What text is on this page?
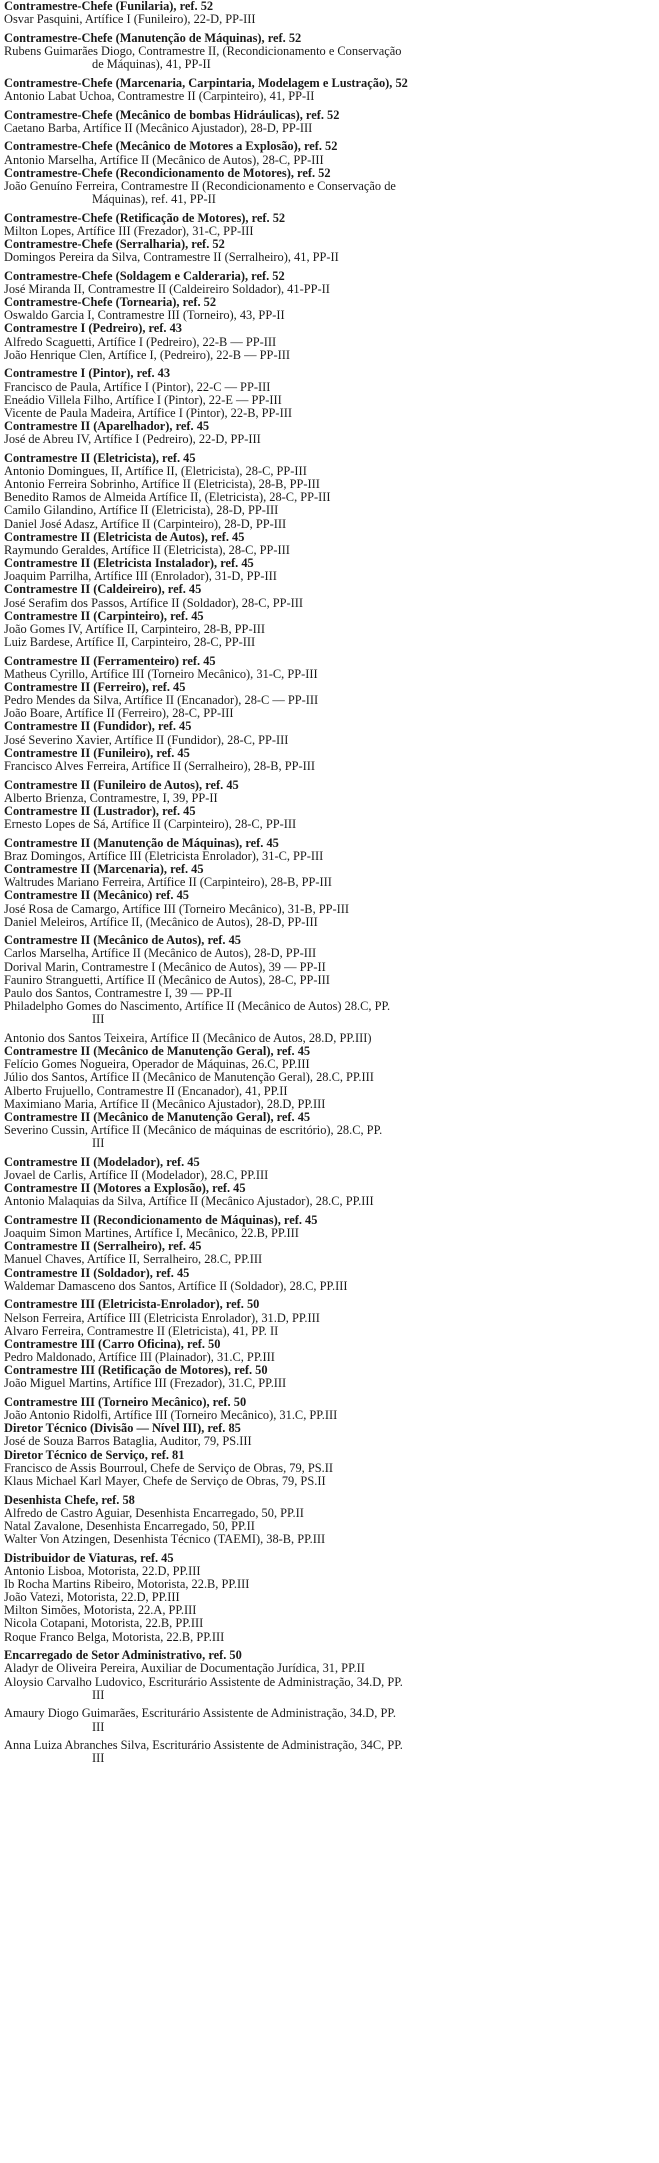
Contramestre-Chefe (Funilaria), ref. 52
Osvar Pasquini, Artífice I (Funileiro), 22-D, PP-III
Contramestre-Chefe (Manutenção de Máquinas), ref. 52
Rubens Guimarães Diogo, Contramestre II, (Recondicionamento e Conservação
de Máquinas), 41, PP-II
Contramestre-Chefe (Marcenaria, Carpintaria, Modelagem e Lustração), 52
Antonio Labat Uchoa, Contramestre II (Carpinteiro), 41, PP-II
Contramestre-Chefe (Mecânico de bombas Hidráulicas), ref. 52
Caetano Barba, Artífice II (Mecânico Ajustador), 28-D, PP-III
Contramestre-Chefe (Mecânico de Motores a Explosão), ref. 52
Antonio Marselha, Artífice II (Mecânico de Autos), 28-C, PP-III
Contramestre-Chefe (Recondicionamento de Motores), ref. 52
João Genuíno Ferreira, Contramestre II (Recondicionamento e Conservação de
Máquinas), ref. 41, PP-II
Contramestre-Chefe (Retificação de Motores), ref. 52
Milton Lopes, Artífice III (Frezador), 31-C, PP-III
Contramestre-Chefe (Serralharia), ref. 52
Domingos Pereira da Silva, Contramestre II (Serralheiro), 41, PP-II
Contramestre-Chefe (Soldagem e Calderaria), ref. 52
José Miranda II, Contramestre II (Caldeireiro Soldador), 41-PP-II
Contramestre-Chefe (Tornearia), ref. 52
Oswaldo Garcia I, Contramestre III (Torneiro), 43, PP-II
Contramestre I (Pedreiro), ref. 43
Alfredo Scaguetti, Artífice I (Pedreiro), 22-B — PP-III
João Henrique Clen, Artífice I, (Pedreiro), 22-B — PP-III
Contramestre I (Pintor), ref. 43
Francisco de Paula, Artífice I (Pintor), 22-C — PP-III
Eneádio Villela Filho, Artífice I (Pintor), 22-E — PP-III
Vicente de Paula Madeira, Artífice I (Pintor), 22-B, PP-III
Contramestre II (Aparelhador), ref. 45
José de Abreu IV, Artífice I (Pedreiro), 22-D, PP-III
Contramestre II (Eletricista), ref. 45
Antonio Domingues, II, Artífice II, (Eletricista), 28-C, PP-III
Antonio Ferreira Sobrinho, Artífice II (Eletricista), 28-B, PP-III
Benedito Ramos de Almeida Artífice II, (Eletricista), 28-C, PP-III
Camilo Gilandino, Artífice II (Eletricista), 28-D, PP-III
Daniel José Adasz, Artífice II (Carpinteiro), 28-D, PP-III
Contramestre II (Eletricista de Autos), ref. 45
Raymundo Geraldes, Artífice II (Eletricista), 28-C, PP-III
Contramestre II (Eletricista Instalador), ref. 45
Joaquim Parrilha, Artífice III (Enrolador), 31-D, PP-III
Contramestre II (Caldeireiro), ref. 45
José Serafim dos Passos, Artífice II (Soldador), 28-C, PP-III
Contramestre II (Carpinteiro), ref. 45
João Gomes IV, Artífice II, Carpinteiro, 28-B, PP-III
Luiz Bardese, Artífice II, Carpinteiro, 28-C, PP-III
Contramestre II (Ferramenteiro) ref. 45
Matheus Cyrillo, Artífice III (Torneiro Mecânico), 31-C, PP-III
Contramestre II (Ferreiro), ref. 45
Pedro Mendes da Silva, Artífice II (Encanador), 28-C — PP-III
João Boare, Artífice II (Ferreiro), 28-C, PP-III
Contramestre II (Fundidor), ref. 45
José Severino Xavier, Artífice II (Fundidor), 28-C, PP-III
Contramestre II (Funileiro), ref. 45
Francisco Alves Ferreira, Artífice II (Serralheiro), 28-B, PP-III
Contramestre II (Funileiro de Autos), ref. 45
Alberto Brienza, Contramestre, I, 39, PP-II
Contramestre II (Lustrador), ref. 45
Ernesto Lopes de Sá, Artífice II (Carpinteiro), 28-C, PP-III
Contramestre II (Manutenção de Máquinas), ref. 45
Braz Domingos, Artífice III (Eletricista Enrolador), 31-C, PP-III
Contramestre II (Marcenaria), ref. 45
Waltrudes Mariano Ferreira, Artífice II (Carpinteiro), 28-B, PP-III
Contramestre II (Mecânico) ref. 45
José Rosa de Camargo, Artífice III (Torneiro Mecânico), 31-B, PP-III
Daniel Meleiros, Artífice II, (Mecânico de Autos), 28-D, PP-III
Contramestre II (Mecânico de Autos), ref. 45
Carlos Marselha, Artífice II (Mecânico de Autos), 28-D, PP-III
Dorival Marin, Contramestre I (Mecânico de Autos), 39 — PP-II
Fauniro Stranguetti, Artífice II (Mecânico de Autos), 28-C, PP-III
Paulo dos Santos, Contramestre I, 39 — PP-II
Philadelpho Gomes do Nascimento, Artífice II (Mecânico de Autos) 28.C, PP.
III
Antonio dos Santos Teixeira, Artífice II (Mecânico de Autos, 28.D, PP.III)
Contramestre II (Mecânico de Manutenção Geral), ref. 45
Felício Gomes Nogueira, Operador de Máquinas, 26.C, PP.III
Júlio dos Santos, Artífice II (Mecânico de Manutenção Geral), 28.C, PP.III
Alberto Frujuello, Contramestre II (Encanador), 41, PP.II
Maximiano Maria, Artífice II (Mecânico Ajustador), 28.D, PP.III
Contramestre II (Mecânico de Manutenção Geral), ref. 45
Severino Cussin, Artífice II (Mecânico de máquinas de escritório), 28.C, PP.
III
Contramestre II (Modelador), ref. 45
Jovael de Carlis, Artífice II (Modelador), 28.C, PP.III
Contramestre II (Motores a Explosão), ref. 45
Antonio Malaquias da Silva, Artífice II (Mecânico Ajustador), 28.C, PP.III
Contramestre II (Recondicionamento de Máquinas), ref. 45
Joaquim Simon Martines, Artífice I, Mecânico, 22.B, PP.III
Contramestre II (Serralheiro), ref. 45
Manuel Chaves, Artífice II, Serralheiro, 28.C, PP.III
Contramestre II (Soldador), ref. 45
Waldemar Damasceno dos Santos, Artífice II (Soldador), 28.C, PP.III
Contramestre III (Eletricista-Enrolador), ref. 50
Nelson Ferreira, Artífice III (Eletricista Enrolador), 31.D, PP.III
Alvaro Ferreira, Contramestre II (Eletricista), 41, PP. II
Contramestre III (Carro Oficina), ref. 50
Pedro Maldonado, Artífice III (Plainador), 31.C, PP.III
Contramestre III (Retificação de Motores), ref. 50
João Miguel Martins, Artífice III (Frezador), 31.C, PP.III
Contramestre III (Torneiro Mecânico), ref. 50
João Antonio Ridolfi, Artífice III (Torneiro Mecânico), 31.C, PP.III
Diretor Técnico (Divisão — Nível III), ref. 85
José de Souza Barros Bataglia, Auditor, 79, PS.III
Diretor Técnico de Serviço, ref. 81
Francisco de Assis Bourroul, Chefe de Serviço de Obras, 79, PS.II
Klaus Michael Karl Mayer, Chefe de Serviço de Obras, 79, PS.II
Desenhista Chefe, ref. 58
Alfredo de Castro Aguiar, Desenhista Encarregado, 50, PP.II
Natal Zavalone, Desenhista Encarregado, 50, PP.II
Walter Von Atzingen, Desenhista Técnico (TAEMI), 38-B, PP.III
Distribuidor de Viaturas, ref. 45
Antonio Lisboa, Motorista, 22.D, PP.III
Ib Rocha Martins Ribeiro, Motorista, 22.B, PP.III
João Vatezi, Motorista, 22.D, PP.III
Milton Simões, Motorista, 22.A, PP.III
Nicola Cotapani, Motorista, 22.B, PP.III
Roque Franco Belga, Motorista, 22.B, PP.III
Encarregado de Setor Administrativo, ref. 50
Aladyr de Oliveira Pereira, Auxiliar de Documentação Jurídica, 31, PP.II
Aloysio Carvalho Ludovico, Escriturário Assistente de Administração, 34.D, PP.
III
Amaury Diogo Guimarães, Escriturário Assistente de Administração, 34.D, PP.
III
Anna Luiza Abranches Silva, Escriturário Assistente de Administração, 34C, PP.
III
